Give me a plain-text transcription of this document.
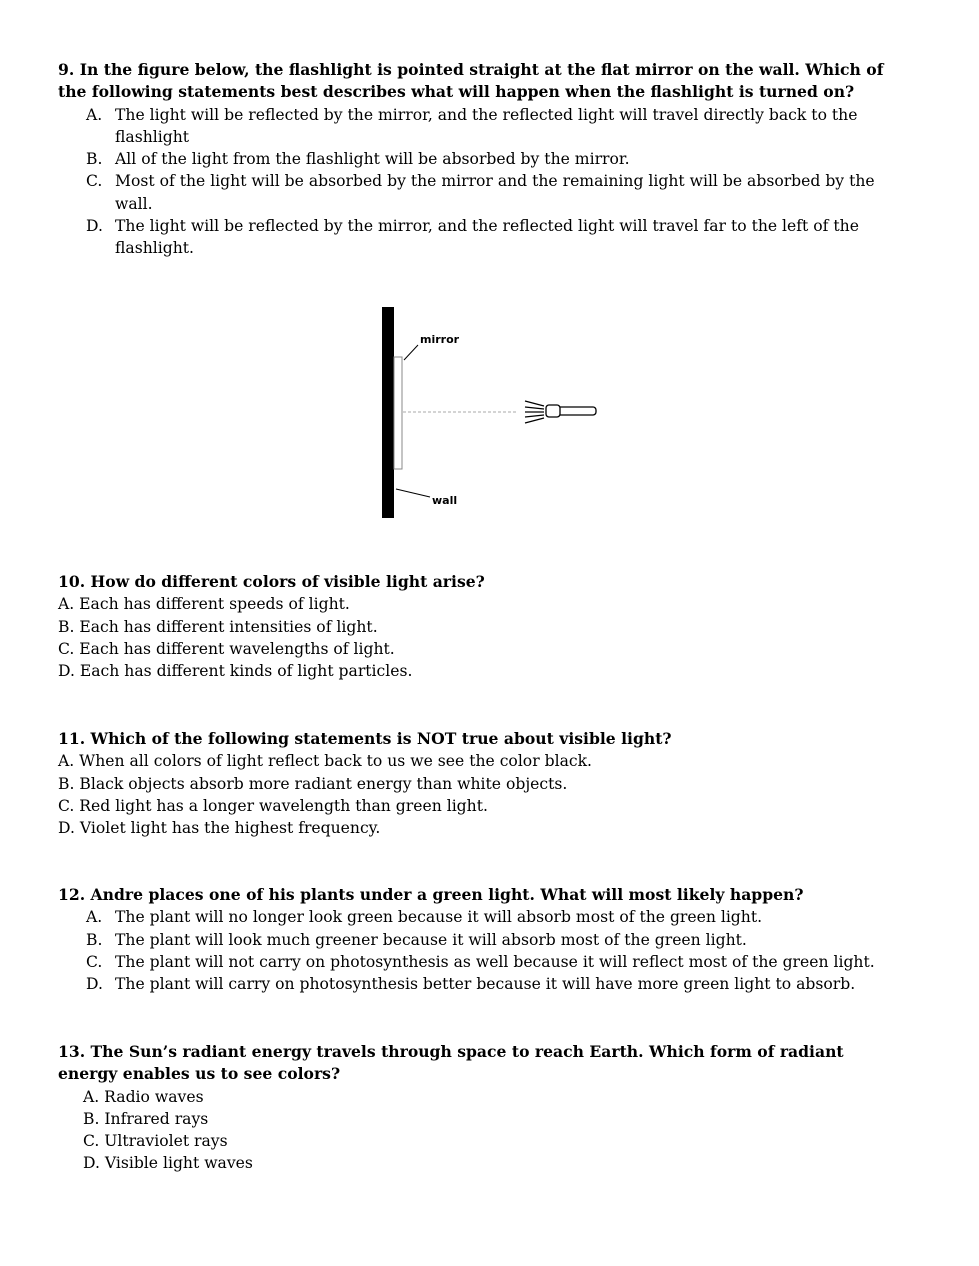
9. In the figure below, the flashlight is pointed straight at the flat mirror on the wall. Which of the following statements best describes what will happen when the flashlight is turned on?
A. The light will be reflected by the mirror, and the reflected light will travel directly back to the flashlight
B. All of the light from the flashlight will be absorbed by the mirror.
C. Most of the light will be absorbed by the mirror and the remaining light will be absorbed by the wall.
D. The light will be reflected by the mirror, and the reflected light will travel far to the left of the flashlight.
mirror
wall
10. How do different colors of visible light arise?
A. Each has different speeds of light.
B. Each has different intensities of light.
C. Each has different wavelengths of light.
D. Each has different kinds of light particles.
11. Which of the following statements is NOT true about visible light?
A. When all colors of light reflect back to us we see the color black.
B. Black objects absorb more radiant energy than white objects.
C. Red light has a longer wavelength than green light.
D. Violet light has the highest frequency.
12. Andre places one of his plants under a green light. What will most likely happen?
A. The plant will no longer look green because it will absorb most of the green light.
B. The plant will look much greener because it will absorb most of the green light.
C. The plant will not carry on photosynthesis as well because it will reflect most of the green light.
D. The plant will carry on photosynthesis better because it will have more green light to absorb.
13. The Sun’s radiant energy travels through space to reach Earth. Which form of radiant energy enables us to see colors?
A. Radio waves
B. Infrared rays
C. Ultraviolet rays
D. Visible light waves
